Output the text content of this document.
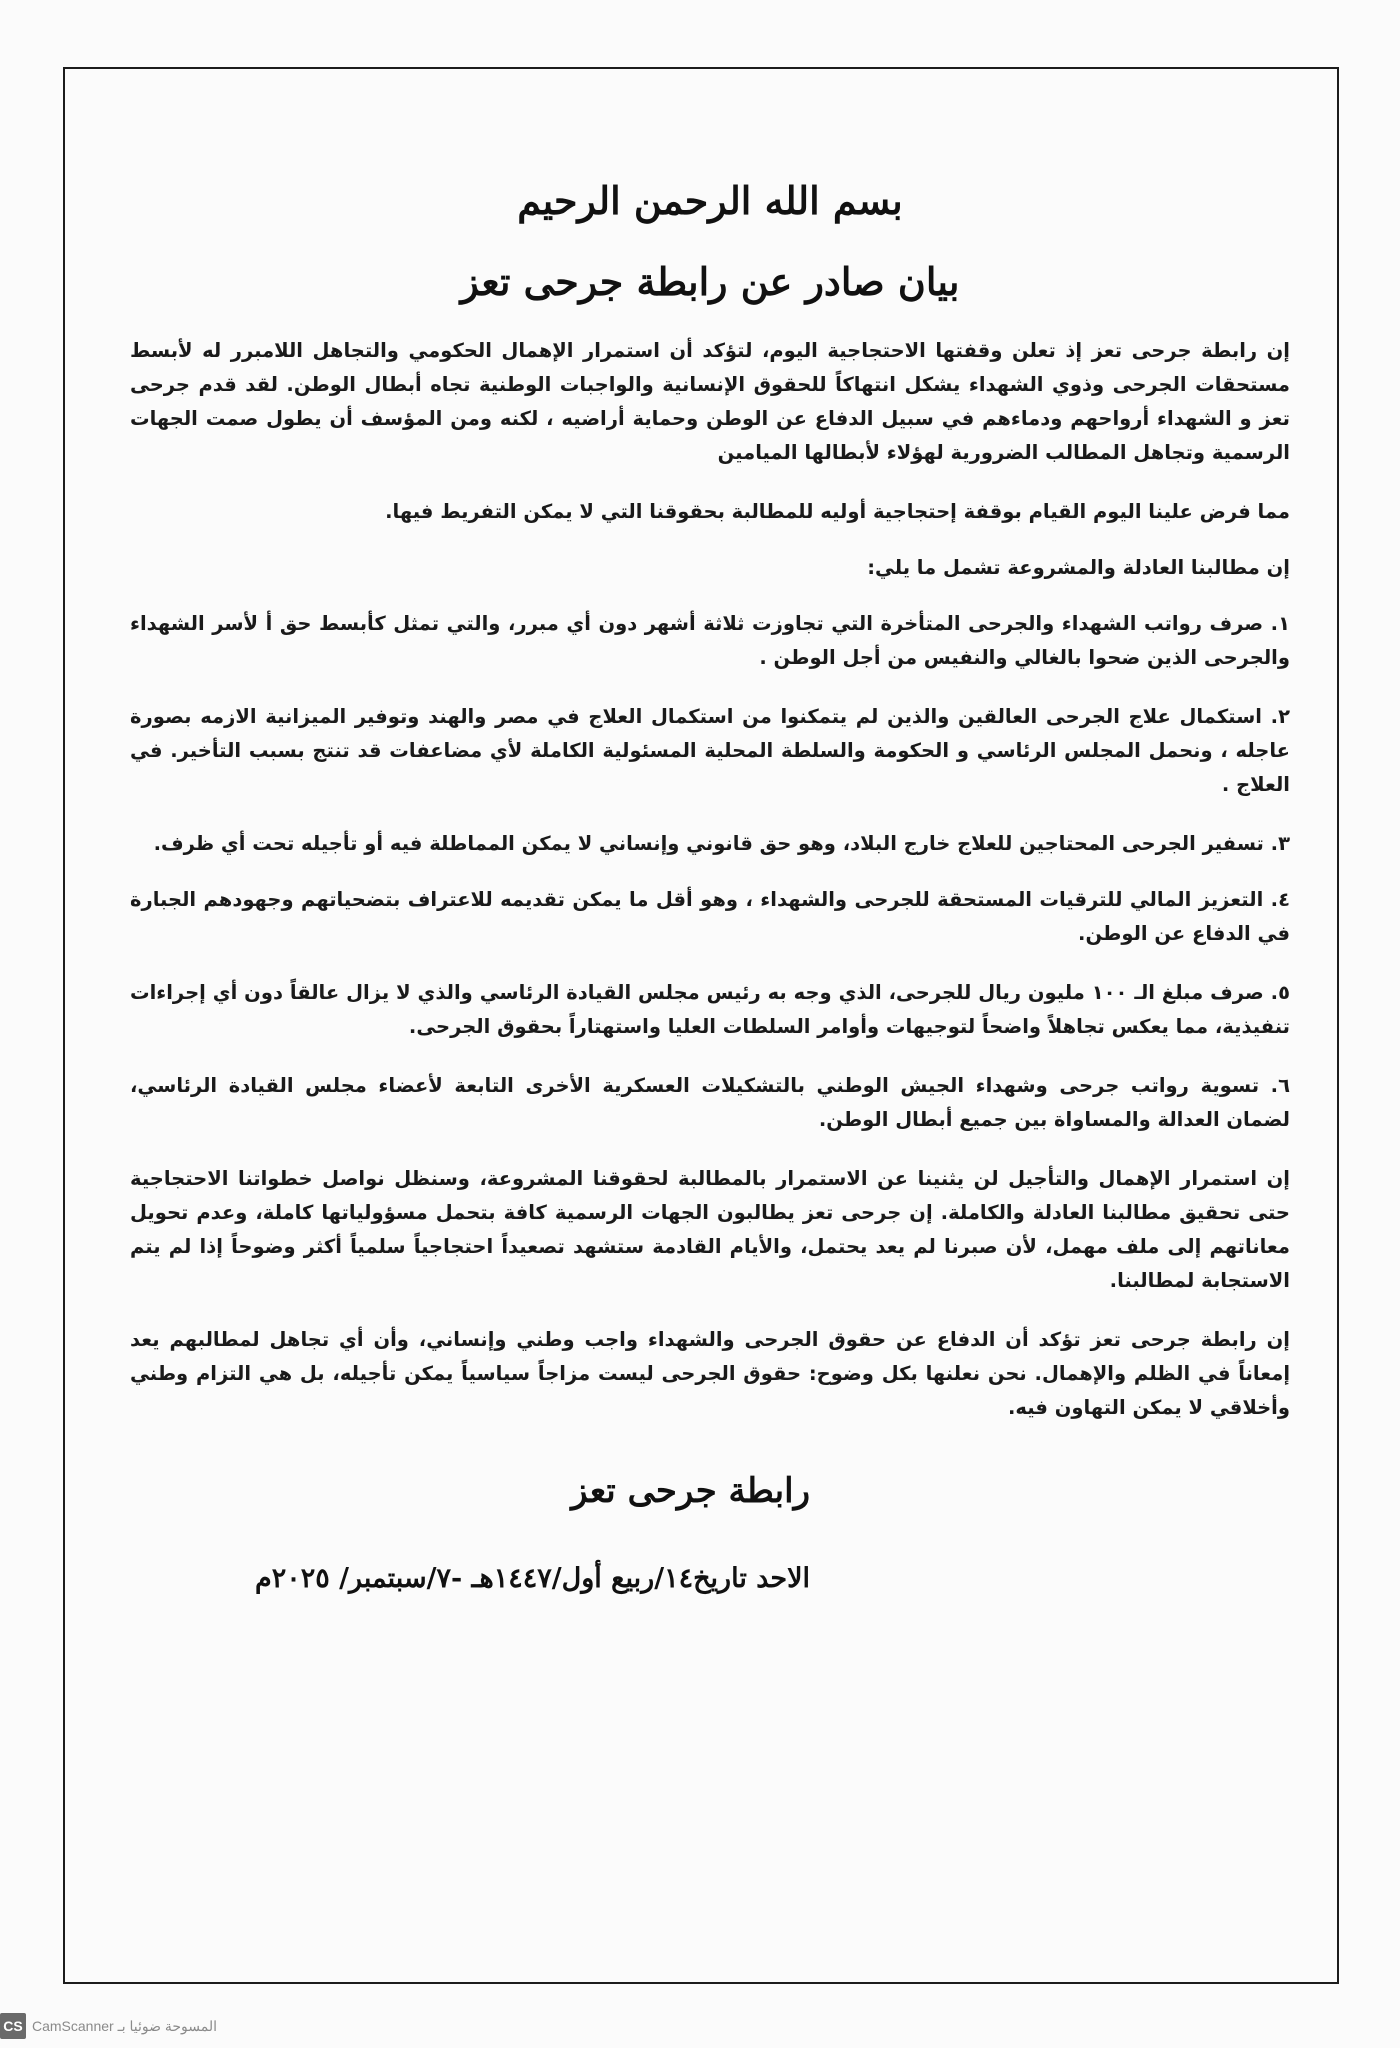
بسم الله الرحمن الرحيم
بيان صادر عن رابطة جرحى تعز

إن رابطة جرحى تعز إذ تعلن وقفتها الاحتجاجية اليوم، لتؤكد أن استمرار الإهمال الحكومي والتجاهل اللامبرر له لأبسط مستحقات الجرحى وذوي الشهداء يشكل انتهاكاً للحقوق الإنسانية والواجبات الوطنية تجاه أبطال الوطن. لقد قدم جرحى تعز و الشهداء أرواحهم ودماءهم في سبيل الدفاع عن الوطن وحماية أراضيه ، لكنه ومن المؤسف أن يطول صمت الجهات الرسمية وتجاهل المطالب الضرورية لهؤلاء لأبطالها الميامين

مما فرض علينا اليوم القيام بوقفة إحتجاجية أوليه للمطالبة بحقوقنا التي لا يمكن التفريط فيها.

إن مطالبنا العادلة والمشروعة تشمل ما يلي:

١. صرف رواتب الشهداء والجرحى المتأخرة التي تجاوزت ثلاثة أشهر دون أي مبرر، والتي تمثل كأبسط حق أ لأسر الشهداء والجرحى الذين ضحوا بالغالي والنفيس من أجل الوطن .

٢. استكمال علاج الجرحى العالقين والذين لم يتمكنوا من استكمال العلاج في مصر والهند وتوفير الميزانية الازمه بصورة عاجله ، ونحمل المجلس الرئاسي و الحكومة والسلطة المحلية المسئولية الكاملة لأي مضاعفات قد تنتج بسبب التأخير. في العلاج .

٣. تسفير الجرحى المحتاجين للعلاج خارج البلاد، وهو حق قانوني وإنساني لا يمكن المماطلة فيه أو تأجيله تحت أي ظرف.

٤. التعزيز المالي للترقيات المستحقة للجرحى والشهداء ، وهو أقل ما يمكن تقديمه للاعتراف بتضحياتهم وجهودهم الجبارة في الدفاع عن الوطن.

٥. صرف مبلغ الـ ١٠٠ مليون ريال للجرحى، الذي وجه به رئيس مجلس القيادة الرئاسي والذي لا يزال عالقاً دون أي إجراءات تنفيذية، مما يعكس تجاهلاً واضحاً لتوجيهات وأوامر السلطات العليا واستهتاراً بحقوق الجرحى.

٦. تسوية رواتب جرحى وشهداء الجيش الوطني بالتشكيلات العسكرية الأخرى التابعة لأعضاء مجلس القيادة الرئاسي، لضمان العدالة والمساواة بين جميع أبطال الوطن.

إن استمرار الإهمال والتأجيل لن يثنينا عن الاستمرار بالمطالبة لحقوقنا المشروعة، وسنظل نواصل خطواتنا الاحتجاجية حتى تحقيق مطالبنا العادلة والكاملة. إن جرحى تعز يطالبون الجهات الرسمية كافة بتحمل مسؤولياتها كاملة، وعدم تحويل معاناتهم إلى ملف مهمل، لأن صبرنا لم يعد يحتمل، والأيام القادمة ستشهد تصعيداً احتجاجياً سلمياً أكثر وضوحاً إذا لم يتم الاستجابة لمطالبنا.

إن رابطة جرحى تعز تؤكد أن الدفاع عن حقوق الجرحى والشهداء واجب وطني وإنساني، وأن أي تجاهل لمطالبهم يعد إمعاناً في الظلم والإهمال. نحن نعلنها بكل وضوح: حقوق الجرحى ليست مزاجاً سياسياً يمكن تأجيله، بل هي التزام وطني وأخلاقي لا يمكن التهاون فيه.

رابطة جرحى تعز
الاحد تاريخ١٤/ربيع أول/١٤٤٧هـ -٧/سبتمبر/ ٢٠٢٥م
CS CamScanner المسوحة ضوئيا بـ
